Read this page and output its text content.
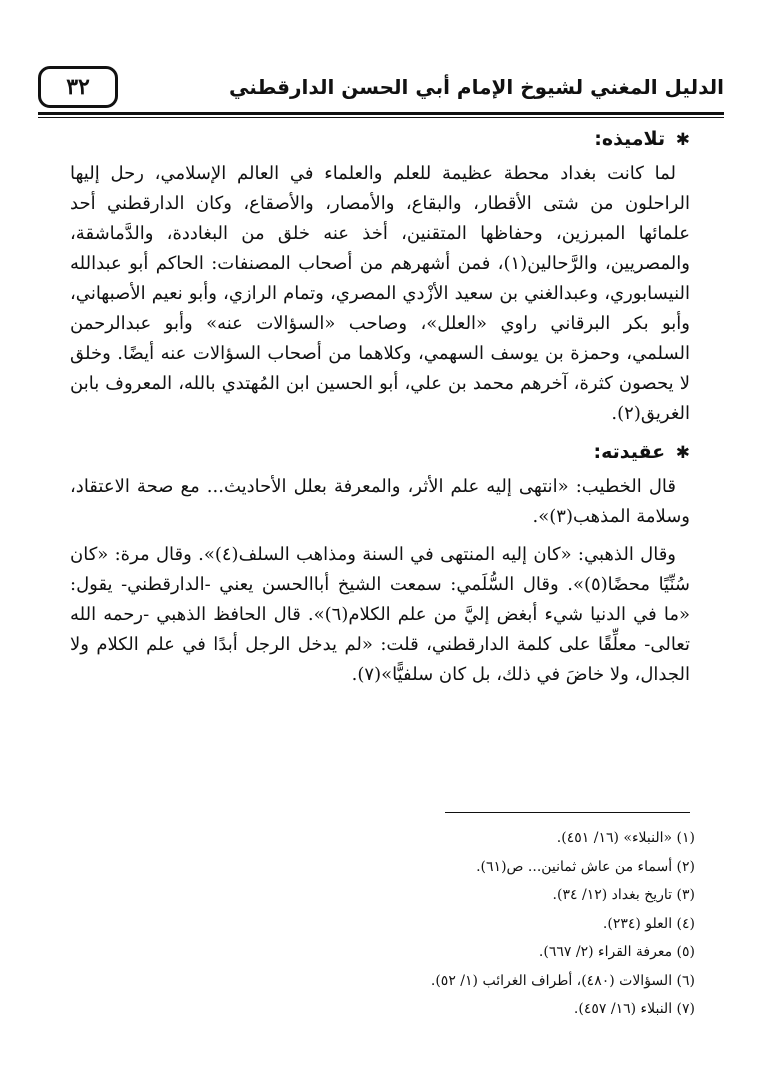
٣٢	الدليل المغني لشيوخ الإمام أبي الحسن الدارقطني
✱ تلاميذه:

لما كانت بغداد محطة عظيمة للعلم والعلماء في العالم الإسلامي، رحل إليها الراحلون من شتى الأقطار، والبقاع، والأمصار، والأصقاع، وكان الدارقطني أحد علمائها المبرزين، وحفاظها المتقنين، أخذ عنه خلق من البغاددة، والدَّماشقة، والمصريين، والرَّحالين(١)، فمن أشهرهم من أصحاب المصنفات: الحاكم أبو عبدالله النيسابوري، وعبدالغني بن سعيد الأزْدي المصري، وتمام الرازي، وأبو نعيم الأصبهاني، وأبو بكر البرقاني راوي «العلل»، وصاحب «السؤالات عنه» وأبو عبدالرحمن السلمي، وحمزة بن يوسف السهمي، وكلاهما من أصحاب السؤالات عنه أيضًا. وخلق لا يحصون كثرة، آخرهم محمد بن علي، أبو الحسين ابن المُهتدي بالله، المعروف بابن الغريق(٢).

✱ عقيدته:

قال الخطيب: «انتهى إليه علم الأثر، والمعرفة بعلل الأحاديث... مع صحة الاعتقاد، وسلامة المذهب(٣)».

وقال الذهبي: «كان إليه المنتهى في السنة ومذاهب السلف(٤)». وقال مرة: «كان سُنِّيًا محضًا(٥)». وقال السُّلَمي: سمعت الشيخ أباالحسن يعني -الدارقطني- يقول: «ما في الدنيا شيء أبغض إليَّ من علم الكلام(٦)». قال الحافظ الذهبي -رحمه الله تعالى- معلِّقًا على كلمة الدارقطني، قلت: «لم يدخل الرجل أبدًا في علم الكلام ولا الجدال، ولا خاضَ في ذلك، بل كان سلفيًّا»(٧).

(١) «النبلاء» (١٦/ ٤٥١).
(٢) أسماء من عاش ثمانين... ص(٦١).
(٣) تاريخ بغداد (١٢/ ٣٤).
(٤) العلو (٢٣٤).
(٥) معرفة القراء (٢/ ٦٦٧).
(٦) السؤالات (٤٨٠)، أطراف الغرائب (١/ ٥٢).
(٧) النبلاء (١٦/ ٤٥٧).
